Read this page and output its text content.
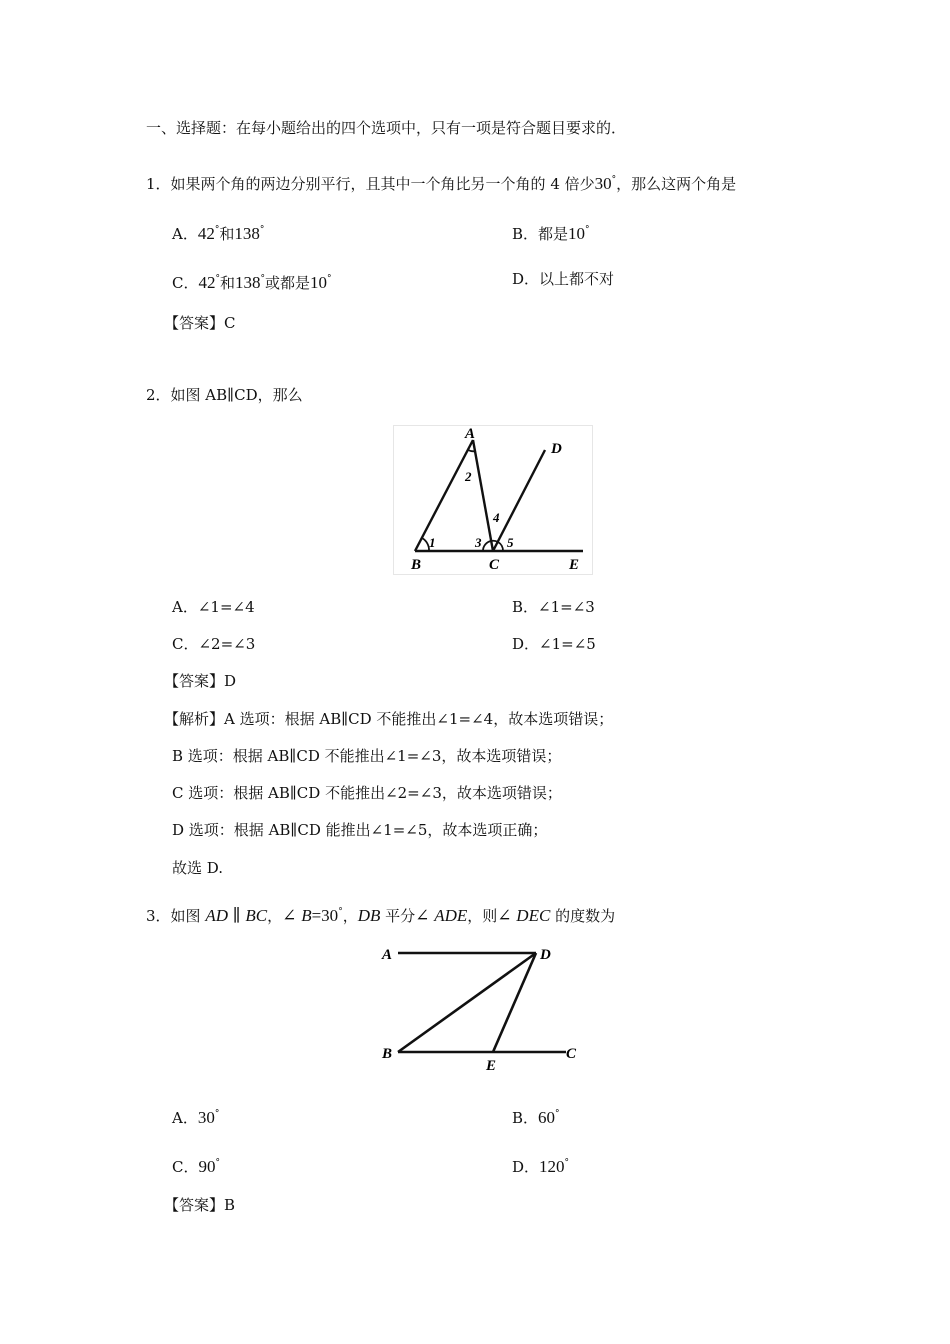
一、选择题：在每小题给出的四个选项中，只有一项是符合题目要求的．
1．如果两个角的两边分别平行，且其中一个角比另一个角的 4 倍少30°，那么这两个角是
A．42°和138°	B．都是10°
C．42°和138°或都是10°	D．以上都不对
【答案】C
2．如图 AB∥CD，那么
A
D
B	C	E
1
2
3
4
5
A．∠1=∠4	B．∠1=∠3
C．∠2=∠3	D．∠1=∠5
【答案】D
【解析】A 选项：根据 AB∥CD 不能推出∠1=∠4，故本选项错误；
B 选项：根据 AB∥CD 不能推出∠1=∠3，故本选项错误；
C 选项：根据 AB∥CD 不能推出∠2=∠3，故本选项错误；
D 选项：根据 AB∥CD 能推出∠1=∠5，故本选项正确；
故选 D.
3．如图 AD ∥ BC，∠ B=30°，DB 平分∠ ADE，则∠ DEC 的度数为
A	D
B
E
C
A．30°	B．60°
C．90°	D．120°
【答案】B
